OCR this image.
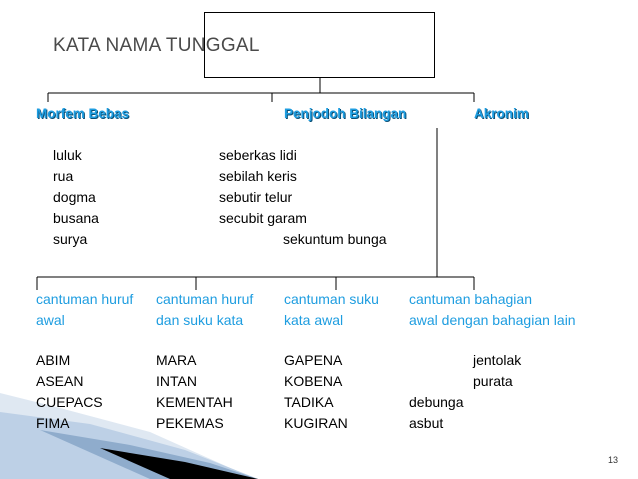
KATA NAMA TUNGGAL
Morfem Bebas	Penjodoh Bilangan	Akronim
luluk
rua
dogma
busana
surya
seberkas lidi
sebilah keris
sebutir telur
secubit garam
sekuntum bunga
cantuman huruf
awal
cantuman huruf
dan suku kata
cantuman suku
kata awal
cantuman bahagian
awal dengan bahagian lain
ABIM
ASEAN
CUEPACS
FIMA
MARA
INTAN
KEMENTAH
PEKEMAS
GAPENA
KOBENA
TADIKA
KUGIRAN
jentolak
purata
debunga
asbut
13
